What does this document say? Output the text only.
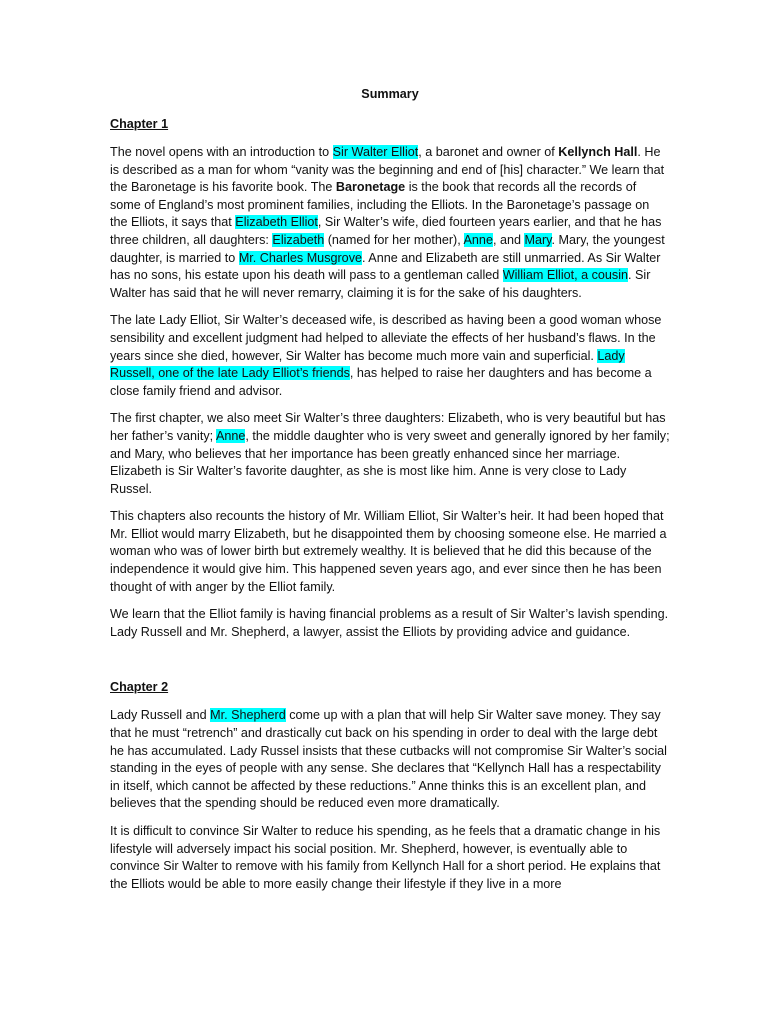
Summary
Chapter 1

The novel opens with an introduction to Sir Walter Elliot, a baronet and owner of Kellynch Hall. He is described as a man for whom “vanity was the beginning and end of [his] character.” We learn that the Baronetage is his favorite book. The Baronetage is the book that records all the records of some of England’s most prominent families, including the Elliots. In the Baronetage’s passage on the Elliots, it says that Elizabeth Elliot, Sir Walter’s wife, died fourteen years earlier, and that he has three children, all daughters: Elizabeth (named for her mother), Anne, and Mary. Mary, the youngest daughter, is married to Mr. Charles Musgrove. Anne and Elizabeth are still unmarried. As Sir Walter has no sons, his estate upon his death will pass to a gentleman called William Elliot, a cousin. Sir Walter has said that he will never remarry, claiming it is for the sake of his daughters.

The late Lady Elliot, Sir Walter’s deceased wife, is described as having been a good woman whose sensibility and excellent judgment had helped to alleviate the effects of her husband’s flaws. In the years since she died, however, Sir Walter has become much more vain and superficial. Lady Russell, one of the late Lady Elliot’s friends, has helped to raise her daughters and has become a close family friend and advisor.

The first chapter, we also meet Sir Walter’s three daughters: Elizabeth, who is very beautiful but has her father’s vanity; Anne, the middle daughter who is very sweet and generally ignored by her family; and Mary, who believes that her importance has been greatly enhanced since her marriage. Elizabeth is Sir Walter’s favorite daughter, as she is most like him. Anne is very close to Lady Russel.

This chapters also recounts the history of Mr. William Elliot, Sir Walter’s heir. It had been hoped that Mr. Elliot would marry Elizabeth, but he disappointed them by choosing someone else. He married a woman who was of lower birth but extremely wealthy. It is believed that he did this because of the independence it would give him. This happened seven years ago, and ever since then he has been thought of with anger by the Elliot family.

We learn that the Elliot family is having financial problems as a result of Sir Walter’s lavish spending. Lady Russell and Mr. Shepherd, a lawyer, assist the Elliots by providing advice and guidance.

Chapter 2

Lady Russell and Mr. Shepherd come up with a plan that will help Sir Walter save money. They say that he must “retrench” and drastically cut back on his spending in order to deal with the large debt he has accumulated. Lady Russel insists that these cutbacks will not compromise Sir Walter’s social standing in the eyes of people with any sense. She declares that “Kellynch Hall has a respectability in itself, which cannot be affected by these reductions.” Anne thinks this is an excellent plan, and believes that the spending should be reduced even more dramatically.

It is difficult to convince Sir Walter to reduce his spending, as he feels that a dramatic change in his lifestyle will adversely impact his social position. Mr. Shepherd, however, is eventually able to convince Sir Walter to remove with his family from Kellynch Hall for a short period. He explains that the Elliots would be able to more easily change their lifestyle if they live in a more
